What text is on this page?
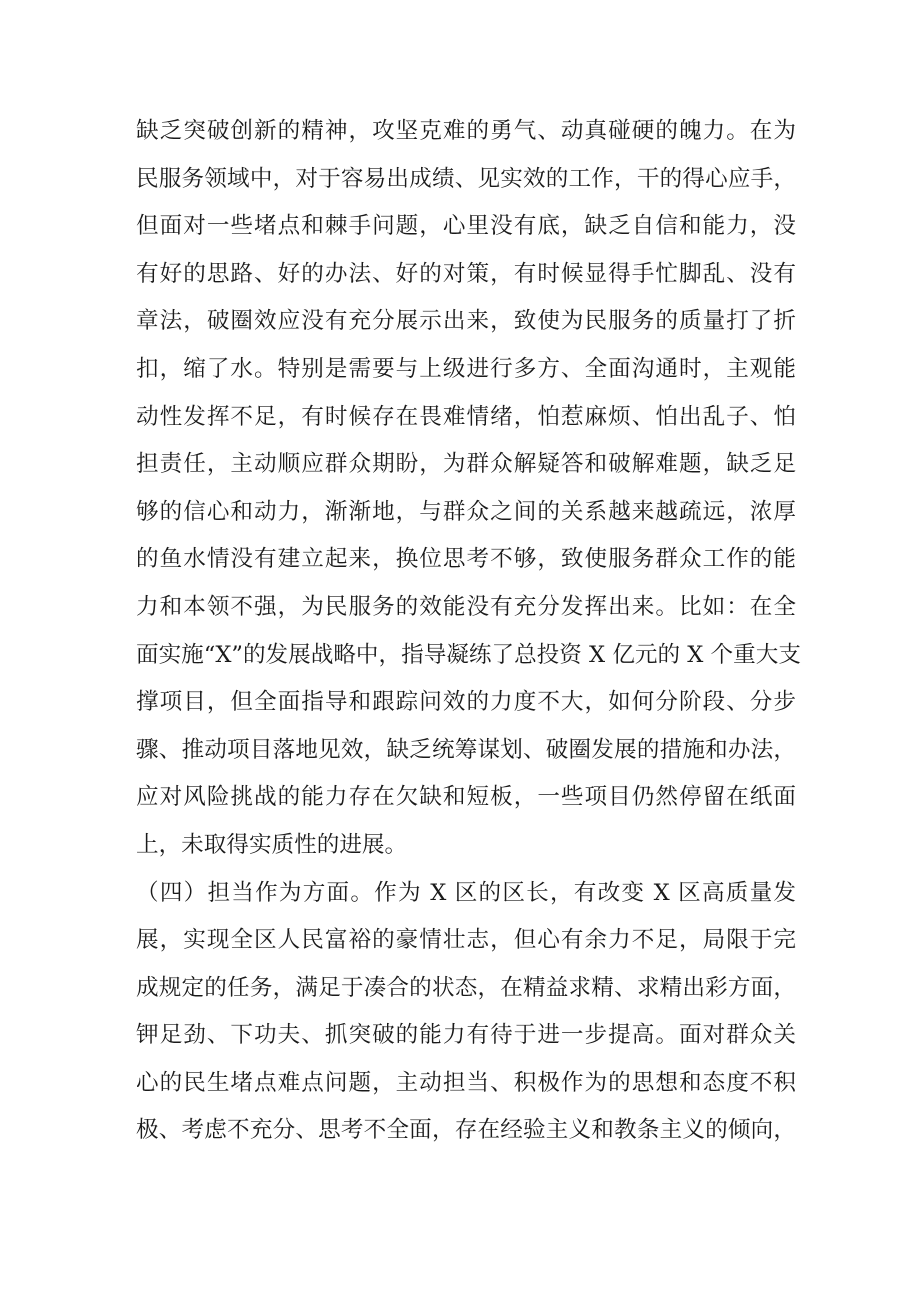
缺乏突破创新的精神，攻坚克难的勇气、动真碰硬的魄力。在为
民服务领域中，对于容易出成绩、见实效的工作，干的得心应手，
但面对一些堵点和棘手问题，心里没有底，缺乏自信和能力，没
有好的思路、好的办法、好的对策，有时候显得手忙脚乱、没有
章法，破圈效应没有充分展示出来，致使为民服务的质量打了折
扣，缩了水。特别是需要与上级进行多方、全面沟通时，主观能
动性发挥不足，有时候存在畏难情绪，怕惹麻烦、怕出乱子、怕
担责任，主动顺应群众期盼，为群众解疑答和破解难题，缺乏足
够的信心和动力，渐渐地，与群众之间的关系越来越疏远，浓厚
的鱼水情没有建立起来，换位思考不够，致使服务群众工作的能
力和本领不强，为民服务的效能没有充分发挥出来。比如：在全
面实施“X”的发展战略中，指导凝练了总投资 X 亿元的 X 个重大支
撑项目，但全面指导和跟踪问效的力度不大，如何分阶段、分步
骤、推动项目落地见效，缺乏统筹谋划、破圈发展的措施和办法，
应对风险挑战的能力存在欠缺和短板，一些项目仍然停留在纸面
上，未取得实质性的进展。
（四）担当作为方面。作为 X 区的区长，有改变 X 区高质量发
展，实现全区人民富裕的豪情壮志，但心有余力不足，局限于完
成规定的任务，满足于凑合的状态，在精益求精、求精出彩方面，
钾足劲、下功夫、抓突破的能力有待于进一步提高。面对群众关
心的民生堵点难点问题，主动担当、积极作为的思想和态度不积
极、考虑不充分、思考不全面，存在经验主义和教条主义的倾向，
